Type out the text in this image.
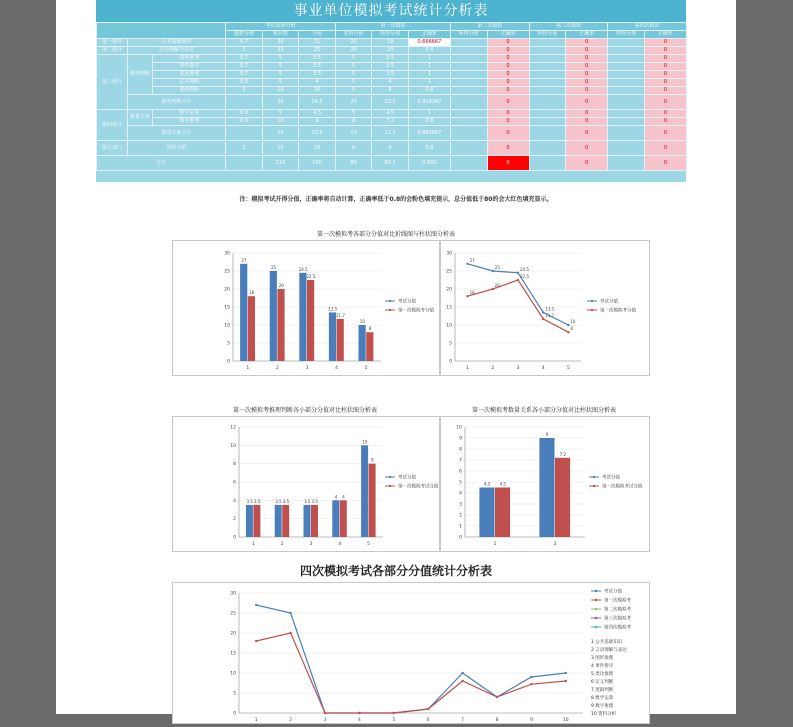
事业单位模拟考试统计分析表
			考试原始分值			第一次模拟			第二次模拟		第三次模拟		第四次模拟	
			题数分值	题目数	分值	实得分值	所得分值	正确率	所得分值	正确率	所得分值	正确率	所得分值	正确率
第一部分	公共基础知识		0.7	30	21	20	18	0.666667		0		0		0
第二部分	言语理解与表达		1	25	25	20	20	0.8		0		0		0
第三部分	推理判断	图形推理	0.7	5	3.5	5	3.5	1		0		0		0
		事件排序	0.7	5	3.5	5	3.5	1		0		0		0
		类比推理	0.7	5	3.5	5	3.5	1		0		0		0
		定义判断	0.8	5	4	5	4	1		0		0		0
		逻辑判断	1	10	10	5	8	0.8		0		0		0
	推理判断合计			30	24.5	29	22.5	0.918367		0		0		0
第四部分	数量关系	数学运算	0.9	5	4.5	5	4.5	1		0		0		0
		数字推理	0.9	10	9	8	7.2	0.8		0		0		0
	数量关系合计			15	13.5	13	11.7	0.866667		0		0		0
第五部门	资料分析		1	10	10	8	8	0.8		0		0		0
总分				110	100	89	80.2	0.802		0		0		0
注：模拟考试开得分值，正确率将自动计算，正确率低于0.8的会粉色填充提示，总分值低于80的会大红色填充显示。
第一次模拟考各部分分值对比折线图与柱状图分析表
0
5
10
15
20
25
30
1	2	3	4	5
27
25	24.5
13.5
10
18
20
22.5
11.7
8
考试分值
第一次模拟考分值
0
5
10
15
20
25
30
1	2	3	4	5
27
25	24.5
13.5
10
18
20
22.5
11.7
8
考试分值
第一次模拟考分值
第一次模拟考推理判断各小部分分值对比柱状图分析表	第一次模拟考数量关系各小部分分值对比柱状图分析表
0
2
4
6
8
10
12
1	2	3	4	5
3.5	3.5	3.5
4
10
3.5	3.5	3.5
4
8
考试分值
第一次模拟考试分值
0
1
2
3
4
5
6
7
8
9
10
1	2
4.5
9
4.5
7.2
考试分值
第一次模拟考试分值
四次模拟考试各部分分值统计分析表
0
5
10
15
20
25
30
1	2	3	4	5	6	7	8	9	10
考试分值
第一次模拟考
第二次模拟考
第三次模拟考
第四次模拟考
1 公共基础知识
2 言语理解与表达
3 图形推理
4 事件排序
5 类比推理
6 定义判断
7 逻辑判断
8 数学运算
9 数字推理
10 资料分析
